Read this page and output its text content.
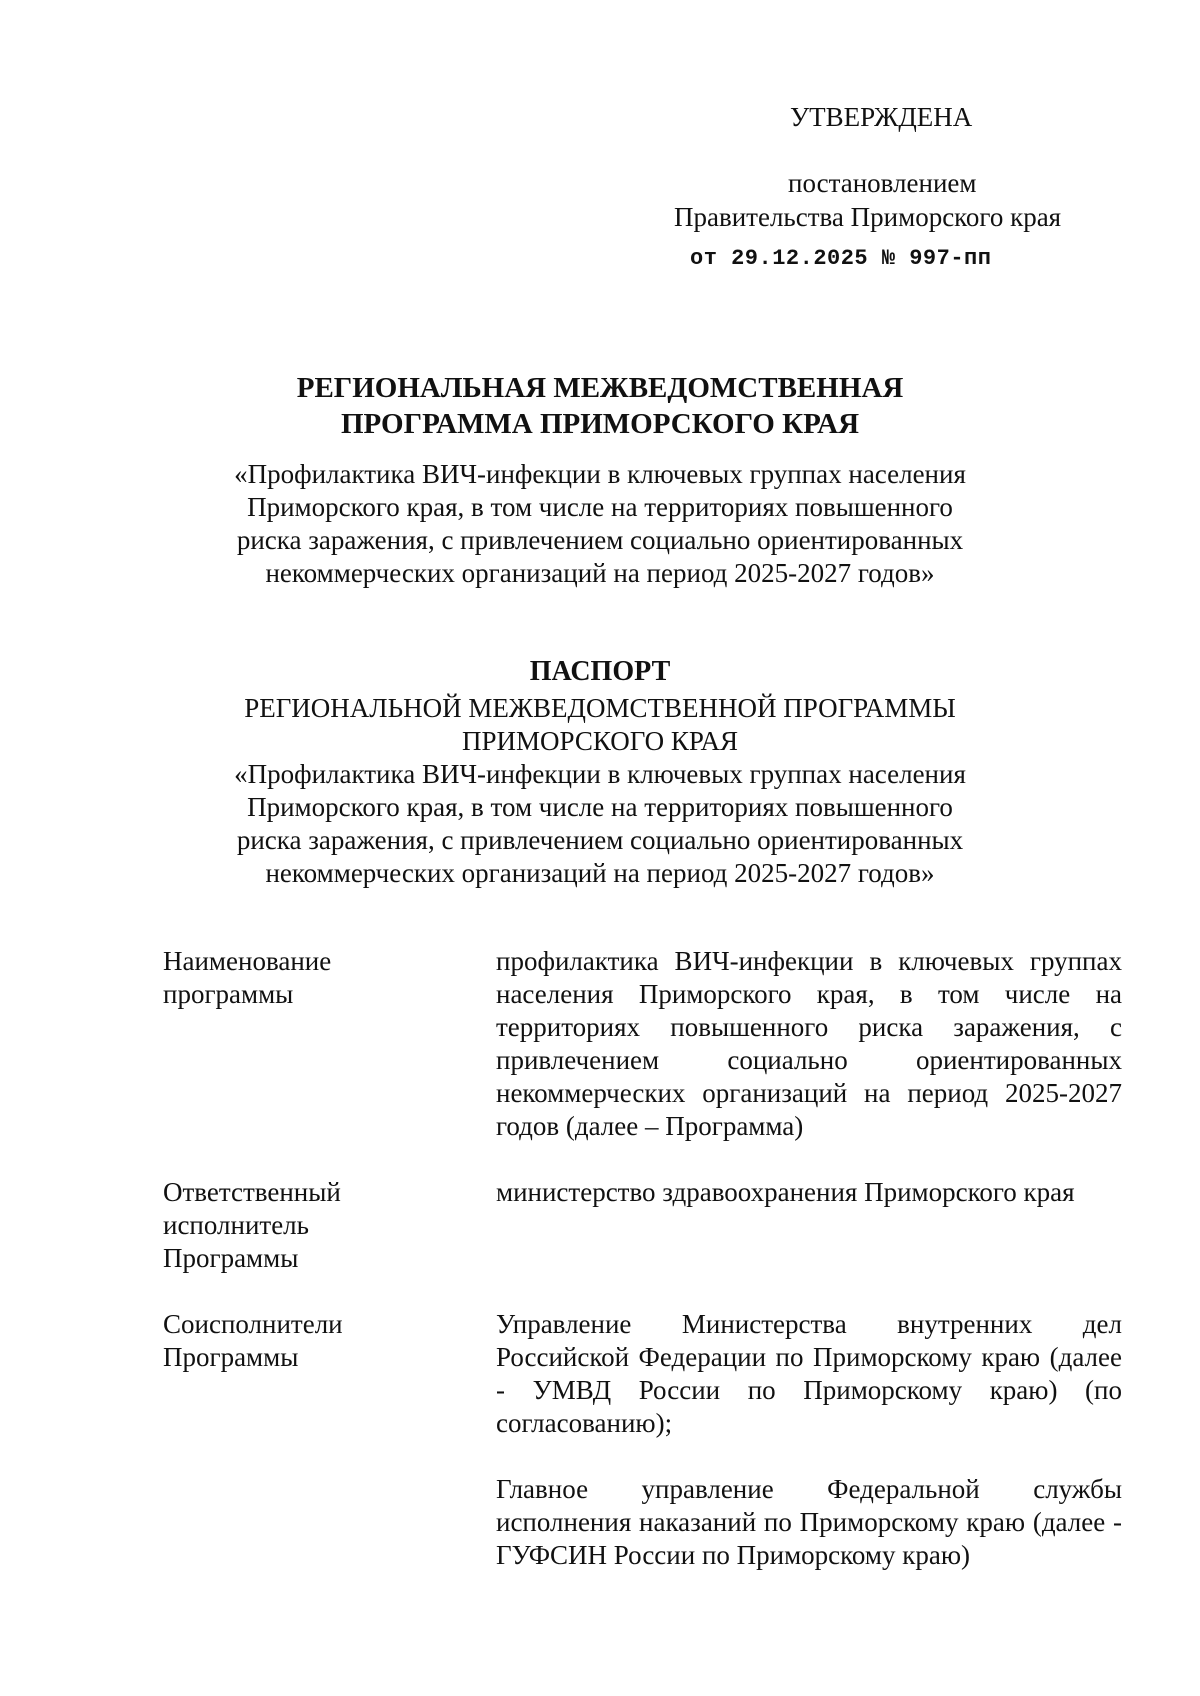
УТВЕРЖДЕНА
постановлением
Правительства Приморского края
от 29.12.2025 № 997-пп
РЕГИОНАЛЬНАЯ МЕЖВЕДОМСТВЕННАЯ
ПРОГРАММА ПРИМОРСКОГО КРАЯ
«Профилактика ВИЧ-инфекции в ключевых группах населения
Приморского края, в том числе на территориях повышенного
риска заражения, с привлечением социально ориентированных
некоммерческих организаций на период 2025-2027 годов»
ПАСПОРТ
РЕГИОНАЛЬНОЙ МЕЖВЕДОМСТВЕННОЙ ПРОГРАММЫ
ПРИМОРСКОГО КРАЯ
«Профилактика ВИЧ-инфекции в ключевых группах населения
Приморского края, в том числе на территориях повышенного
риска заражения, с привлечением социально ориентированных
некоммерческих организаций на период 2025-2027 годов»
Наименование
программы

профилактика ВИЧ-инфекции в ключевых группах населения Приморского края, в том числе на территориях повышенного риска заражения, с привлечением социально ориентированных некоммерческих организаций на период 2025-2027 годов (далее – Программа)

Ответственный
исполнитель
Программы

министерство здравоохранения Приморского края

Соисполнители
Программы

Управление Министерства внутренних дел Российской Федерации по Приморскому краю (далее - УМВД России по Приморскому краю) (по согласованию);

Главное управление Федеральной службы исполнения наказаний по Приморскому краю (далее - ГУФСИН России по Приморскому краю)
